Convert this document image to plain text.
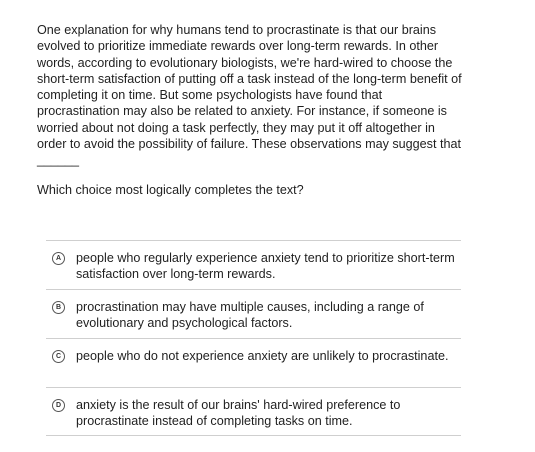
One explanation for why humans tend to procrastinate is that our brains evolved to prioritize immediate rewards over long-term rewards. In other words, according to evolutionary biologists, we're hard-wired to choose the short-term satisfaction of putting off a task instead of the long-term benefit of completing it on time. But some psychologists have found that procrastination may also be related to anxiety. For instance, if someone is worried about not doing a task perfectly, they may put it off altogether in order to avoid the possibility of failure. These observations may suggest that ______

Which choice most logically completes the text?

A	people who regularly experience anxiety tend to prioritize short-term satisfaction over long-term rewards.
B	procrastination may have multiple causes, including a range of evolutionary and psychological factors.
C	people who do not experience anxiety are unlikely to procrastinate.
D	anxiety is the result of our brains' hard-wired preference to procrastinate instead of completing tasks on time.
